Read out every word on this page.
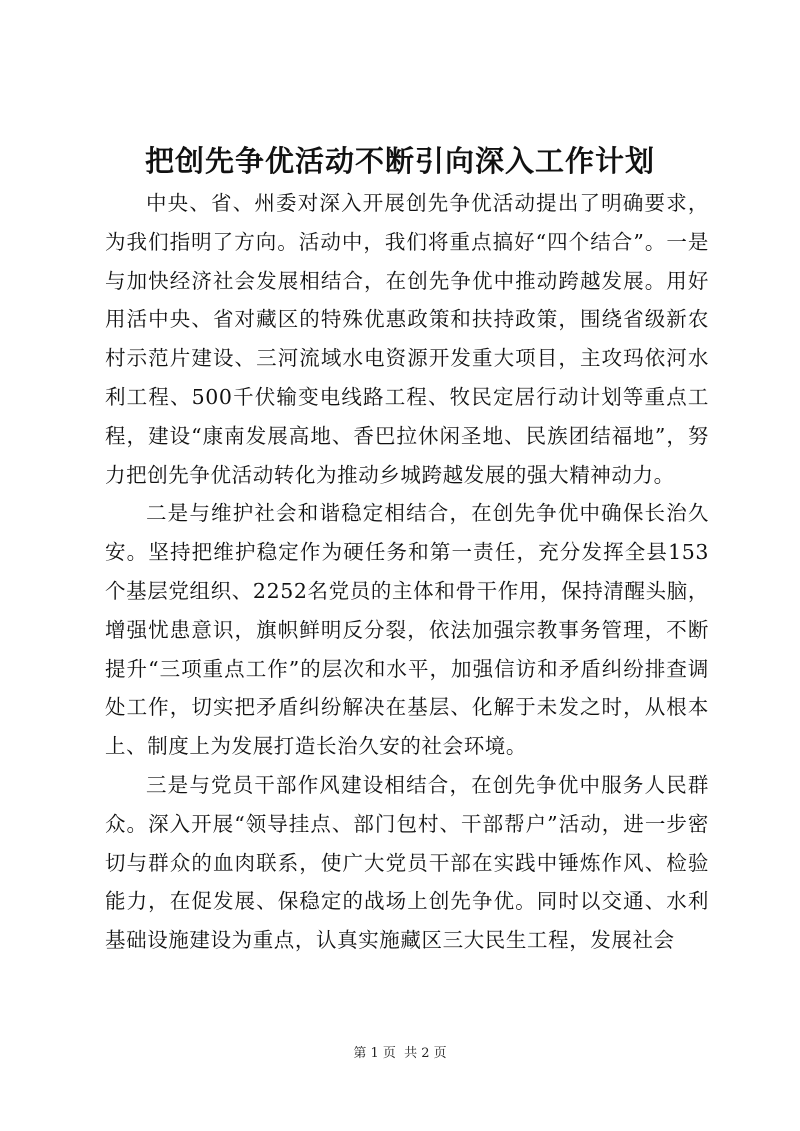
把创先争优活动不断引向深入工作计划

中央、省、州委对深入开展创先争优活动提出了明确要求，为我们指明了方向。活动中，我们将重点搞好“四个结合”。一是与加快经济社会发展相结合，在创先争优中推动跨越发展。用好用活中央、省对藏区的特殊优惠政策和扶持政策，围绕省级新农村示范片建设、三河流域水电资源开发重大项目，主攻玛依河水利工程、500千伏输变电线路工程、牧民定居行动计划等重点工程，建设“康南发展高地、香巴拉休闲圣地、民族团结福地”，努力把创先争优活动转化为推动乡城跨越发展的强大精神动力。

二是与维护社会和谐稳定相结合，在创先争优中确保长治久安。坚持把维护稳定作为硬任务和第一责任，充分发挥全县153个基层党组织、2252名党员的主体和骨干作用，保持清醒头脑，增强忧患意识，旗帜鲜明反分裂，依法加强宗教事务管理，不断提升“三项重点工作”的层次和水平，加强信访和矛盾纠纷排查调处工作，切实把矛盾纠纷解决在基层、化解于未发之时，从根本上、制度上为发展打造长治久安的社会环境。

三是与党员干部作风建设相结合，在创先争优中服务人民群众。深入开展“领导挂点、部门包村、干部帮户”活动，进一步密切与群众的血肉联系，使广大党员干部在实践中锤炼作风、检验能力，在促发展、保稳定的战场上创先争优。同时以交通、水利基础设施建设为重点，认真实施藏区三大民生工程，发展社会

第 1 页  共 2 页
